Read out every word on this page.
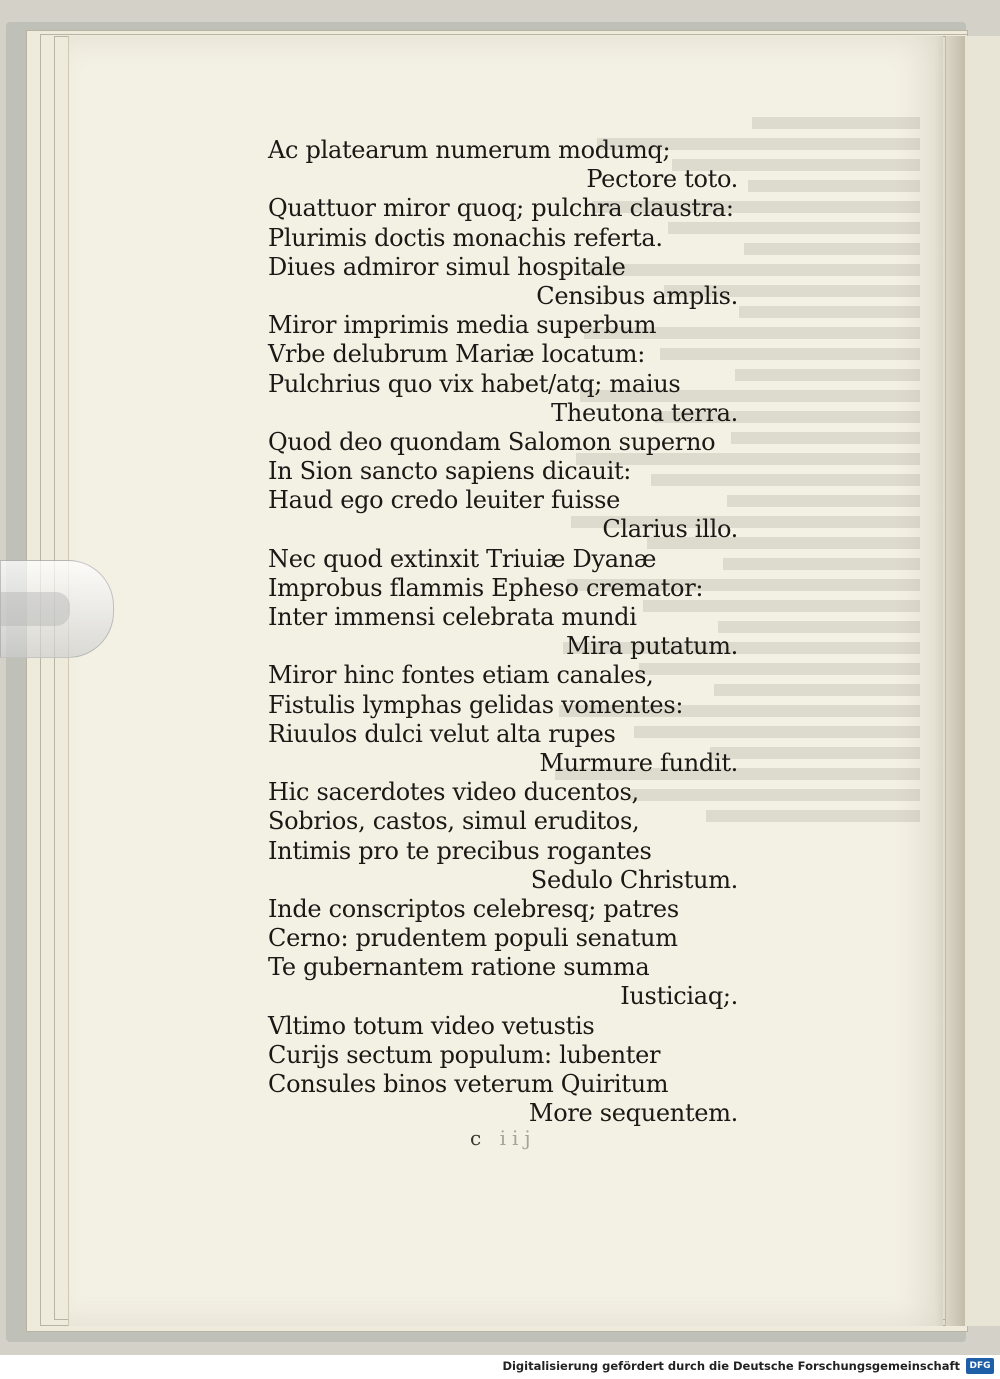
Ac platearum numerum modumq;
Pectore toto.
Quattuor miror quoq; pulchra claustra:
Plurimis doctis monachis referta.
Diues admiror simul hospitale
Censibus amplis.
Miror imprimis media superbum
Vrbe delubrum Mariæ locatum:
Pulchrius quo vix habet/atq; maius
Theutona terra.
Quod deo quondam Salomon superno
In Sion sancto sapiens dicauit:
Haud ego credo leuiter fuisse
Clarius illo.
Nec quod extinxit Triuiæ Dyanæ
Improbus flammis Epheso cremator:
Inter immensi celebrata mundi
Mira putatum.
Miror hinc fontes etiam canales,
Fistulis lymphas gelidas vomentes:
Riuulos dulci velut alta rupes
Murmure fundit.
Hic sacerdotes video ducentos,
Sobrios, castos, simul eruditos,
Intimis pro te precibus rogantes
Sedulo Christum.
Inde conscriptos celebresq; patres
Cerno: prudentem populi senatum
Te gubernantem ratione summa
Iusticiaq;.
Vltimo totum video vetustis
Curijs sectum populum: lubenter
Consules binos veterum Quiritum
More sequentem.
c iij
Digitalisierung gefördert durch die Deutsche Forschungsgemeinschaft	DFG
